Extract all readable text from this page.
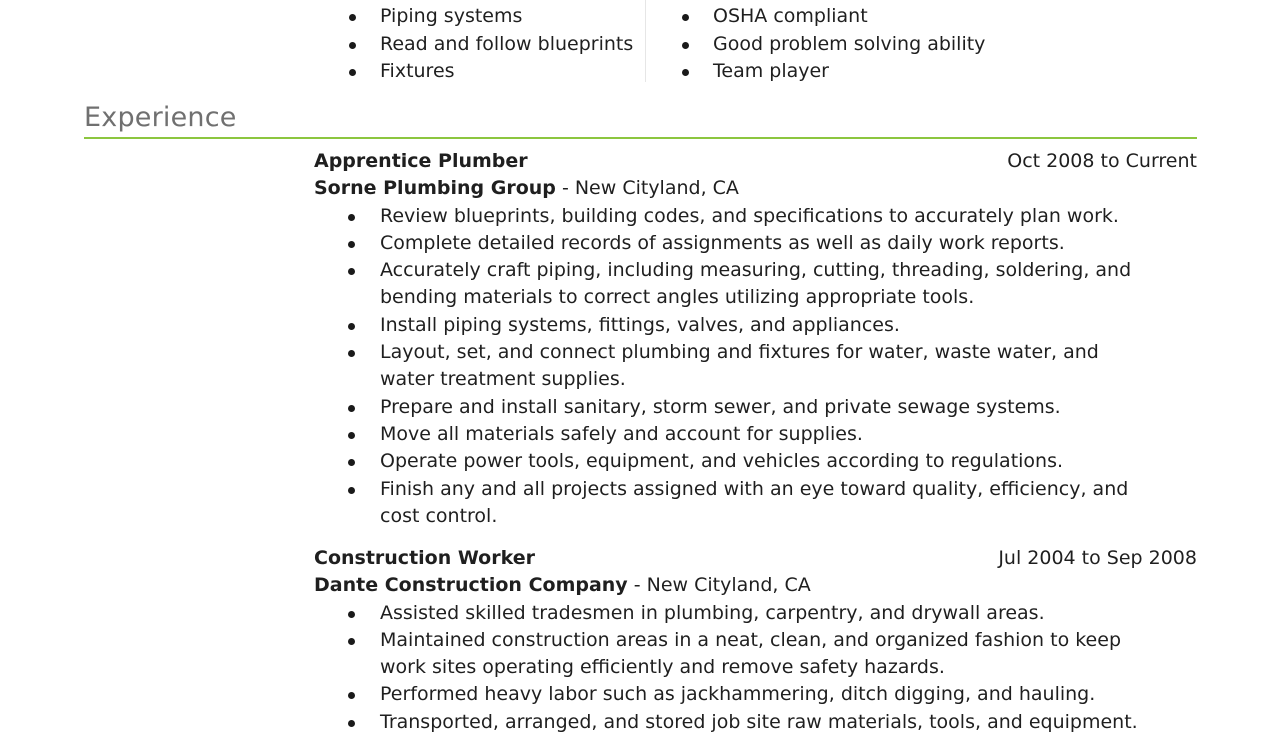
Piping systems
Read and follow blueprints
Fixtures
OSHA compliant
Good problem solving ability
Team player
Experience
Apprentice Plumber	Oct 2008 to Current
Sorne Plumbing Group - New Cityland, CA
Review blueprints, building codes, and specifications to accurately plan work.
Complete detailed records of assignments as well as daily work reports.
Accurately craft piping, including measuring, cutting, threading, soldering, and bending materials to correct angles utilizing appropriate tools.
Install piping systems, fittings, valves, and appliances.
Layout, set, and connect plumbing and fixtures for water, waste water, and water treatment supplies.
Prepare and install sanitary, storm sewer, and private sewage systems.
Move all materials safely and account for supplies.
Operate power tools, equipment, and vehicles according to regulations.
Finish any and all projects assigned with an eye toward quality, efficiency, and cost control.
Construction Worker	Jul 2004 to Sep 2008
Dante Construction Company - New Cityland, CA
Assisted skilled tradesmen in plumbing, carpentry, and drywall areas.
Maintained construction areas in a neat, clean, and organized fashion to keep work sites operating efficiently and remove safety hazards.
Performed heavy labor such as jackhammering, ditch digging, and hauling.
Transported, arranged, and stored job site raw materials, tools, and equipment.
